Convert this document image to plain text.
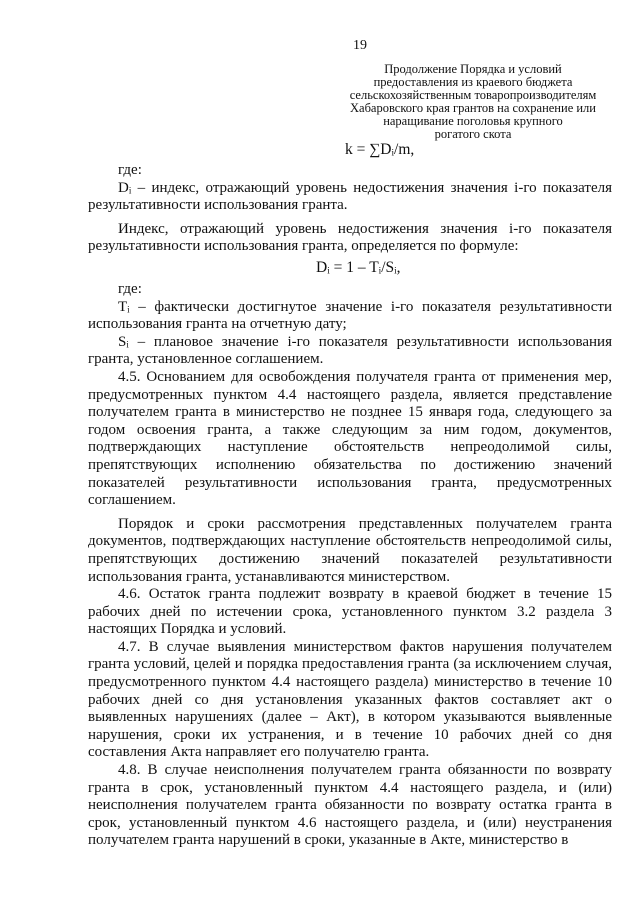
19
Продолжение Порядка и условий
предоставления из краевого бюджета
сельскохозяйственным товаропроизводителям
Хабаровского края грантов на сохранение или
наращивание поголовья крупного
рогатого скота
k = ∑Dᵢ/m,

где:

Dᵢ – индекс, отражающий уровень недостижения значения i-го показателя результативности использования гранта.

Индекс, отражающий уровень недостижения значения i-го показателя результативности использования гранта, определяется по формуле:

Dᵢ = 1 – Tᵢ/Sᵢ,

где:

Tᵢ – фактически достигнутое значение i-го показателя результативности использования гранта на отчетную дату;

Sᵢ – плановое значение i-го показателя результативности использования гранта, установленное соглашением.

4.5. Основанием для освобождения получателя гранта от применения мер, предусмотренных пунктом 4.4 настоящего раздела, является представление получателем гранта в министерство не позднее 15 января года, следующего за годом освоения гранта, а также следующим за ним годом, документов, подтверждающих наступление обстоятельств непреодолимой силы, препятствующих исполнению обязательства по достижению значений показателей результативности использования гранта, предусмотренных соглашением.

Порядок и сроки рассмотрения представленных получателем гранта документов, подтверждающих наступление обстоятельств непреодолимой силы, препятствующих достижению значений показателей результативности использования гранта, устанавливаются министерством.

4.6. Остаток гранта подлежит возврату в краевой бюджет в течение 15 рабочих дней по истечении срока, установленного пунктом 3.2 раздела 3 настоящих Порядка и условий.

4.7. В случае выявления министерством фактов нарушения получателем гранта условий, целей и порядка предоставления гранта (за исключением случая, предусмотренного пунктом 4.4 настоящего раздела) министерство в течение 10 рабочих дней со дня установления указанных фактов составляет акт о выявленных нарушениях (далее – Акт), в котором указываются выявленные нарушения, сроки их устранения, и в течение 10 рабочих дней со дня составления Акта направляет его получателю гранта.

4.8. В случае неисполнения получателем гранта обязанности по возврату гранта в срок, установленный пунктом 4.4 настоящего раздела, и (или) неисполнения получателем гранта обязанности по возврату остатка гранта в срок, установленный пунктом 4.6 настоящего раздела, и (или) неустранения получателем гранта нарушений в сроки, указанные в Акте, министерство в
